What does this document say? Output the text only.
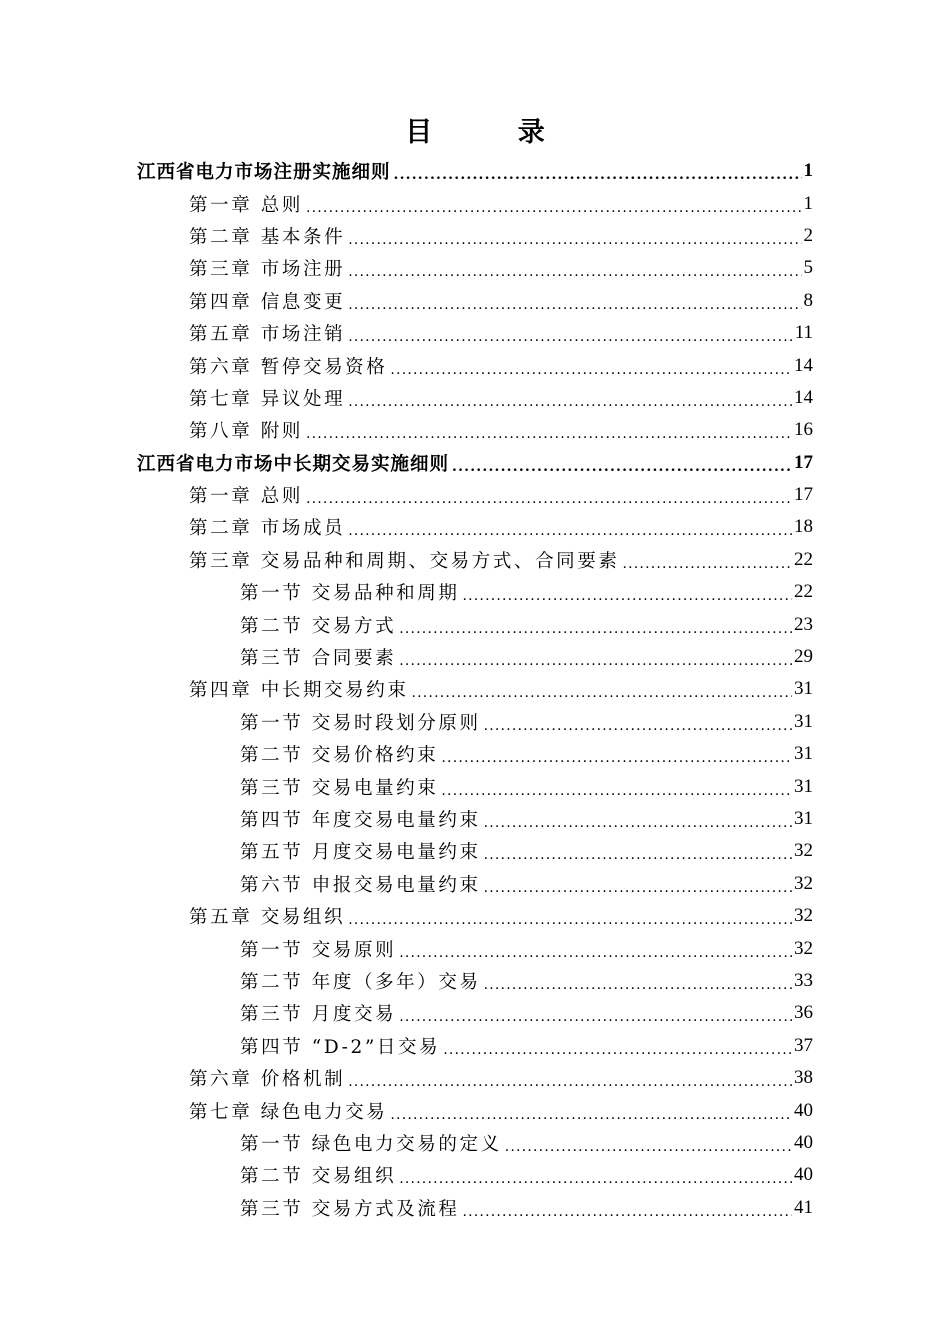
目 录
江西省电力市场注册实施细则 .....	1
第一章 总则 .....	1
第二章 基本条件 .....	2
第三章 市场注册 .....	5
第四章 信息变更 .....	8
第五章 市场注销 .....	11
第六章 暂停交易资格 .....	14
第七章 异议处理 .....	14
第八章 附则 .....	16
江西省电力市场中长期交易实施细则 .....	17
第一章 总则 .....	17
第二章 市场成员 .....	18
第三章 交易品种和周期、交易方式、合同要素 .....	22
第一节 交易品种和周期 .....	22
第二节 交易方式 .....	23
第三节 合同要素 .....	29
第四章 中长期交易约束 .....	31
第一节 交易时段划分原则 .....	31
第二节 交易价格约束 .....	31
第三节 交易电量约束 .....	31
第四节 年度交易电量约束 .....	31
第五节 月度交易电量约束 .....	32
第六节 申报交易电量约束 .....	32
第五章 交易组织 .....	32
第一节 交易原则 .....	32
第二节 年度（多年）交易 .....	33
第三节 月度交易 .....	36
第四节 “D-2”日交易 .....	37
第六章 价格机制 .....	38
第七章 绿色电力交易 .....	40
第一节 绿色电力交易的定义 .....	40
第二节 交易组织 .....	40
第三节 交易方式及流程 .....	41
